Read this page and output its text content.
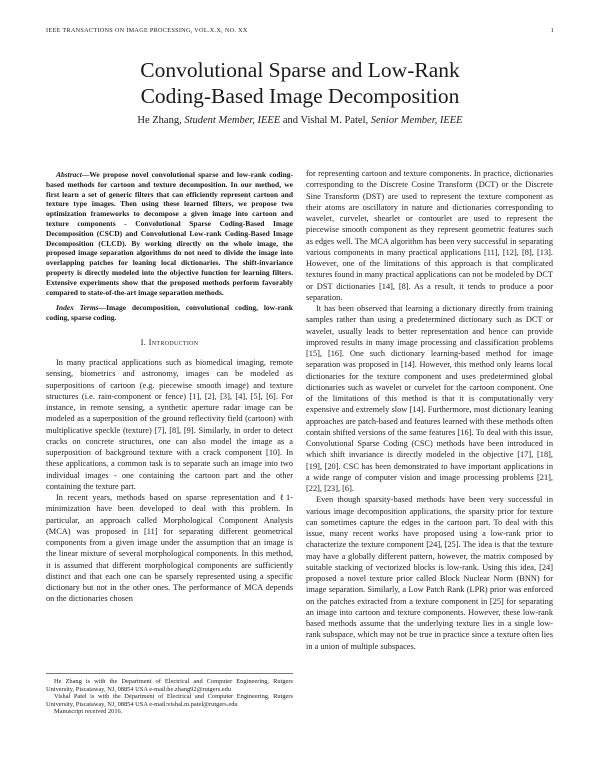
IEEE TRANSACTIONS ON IMAGE PROCESSING, VOL.X.X, NO. XX	1
Convolutional Sparse and Low-Rank
Coding-Based Image Decomposition
He Zhang, Student Member, IEEE and Vishal M. Patel, Senior Member, IEEE

Abstract—We propose novel convolutional sparse and low-rank coding-based methods for cartoon and texture decomposition. In our method, we first learn a set of generic filters that can efficiently represent cartoon and texture type images. Then using these learned filters, we propose two optimization frameworks to decompose a given image into cartoon and texture components - Convolutional Sparse Coding-Based Image Decomposition (CSCD) and Convolutional Low-rank Coding-Based Image Decomposition (CLCD). By working directly on the whole image, the proposed image separation algorithms do not need to divide the image into overlapping patches for leaning local dictionaries. The shift-invariance property is directly modeled into the objective function for learning filters. Extensive experiments show that the proposed methods perform favorably compared to state-of-the-art image separation methods.

Index Terms—Image decomposition, convolutional coding, low-rank coding, sparse coding.

I. Introduction

In many practical applications such as biomedical imaging, remote sensing, biometrics and astronomy, images can be modeled as superpositions of cartoon (e.g. piecewise smooth image) and texture structures (i.e. rain-component or fence) [1], [2], [3], [4], [5], [6]. For instance, in remote sensing, a synthetic aperture radar image can be modeled as a superposition of the ground reflectivity field (cartoon) with multiplicative speckle (texture) [7], [8], [9]. Similarly, in order to detect cracks on concrete structures, one can also model the image as a superposition of background texture with a crack component [10]. In these applications, a common task is to separate such an image into two individual images - one containing the cartoon part and the other containing the texture part.

In recent years, methods based on sparse representation and ℓ1-minimization have been developed to deal with this problem. In particular, an approach called Morphological Component Analysis (MCA) was proposed in [11] for separating different geometrical components from a given image under the assumption that an image is the linear mixture of several morphological components. In this method, it is assumed that different morphological components are sufficiently distinct and that each one can be sparsely represented using a specific dictionary but not in the other ones. The performance of MCA depends on the dictionaries chosen

He Zhang is with the Department of Electrical and Computer Engineering, Rutgers University, Piscataway, NJ, 08854 USA e-mail:he.zhang92@rutgers.edu

Vishal Patel is with the Department of Electrical and Computer Engineering, Rutgers University, Piscataway, NJ, 08854 USA e-mail:vishal.m.patel@rutgers.edu

Manuscript received 2016.

for representing cartoon and texture components. In practice, dictionaries corresponding to the Discrete Cosine Transform (DCT) or the Discrete Sine Transform (DST) are used to represent the texture component as their atoms are oscillatory in nature and dictionaries corresponding to wavelet, curvelet, shearlet or contourlet are used to represent the piecewise smooth component as they represent geometric features such as edges well. The MCA algorithm has been very successful in separating various components in many practical applications [11], [12], [8], [13]. However, one of the limitations of this approach is that complicated textures found in many practical applications can not be modeled by DCT or DST dictionaries [14], [8]. As a result, it tends to produce a poor separation.

It has been observed that learning a dictionary directly from training samples rather than using a predetermined dictionary such as DCT or wavelet, usually leads to better representation and hence can provide improved results in many image processing and classification problems [15], [16]. One such dictionary learning-based method for image separation was proposed in [14]. However, this method only learns local dictionaries for the texture component and uses predetermined global dictionaries such as wavelet or curvelet for the cartoon component. One of the limitations of this method is that it is computationally very expensive and extremely slow [14]. Furthermore, most dictionary leaning approaches are patch-based and features learned with these methods often contain shifted versions of the same features [16]. To deal with this issue, Convolutional Sparse Coding (CSC) methods have been introduced in which shift invariance is directly modeled in the objective [17], [18], [19], [20]. CSC has been demonstrated to have important applications in a wide range of computer vision and image processing problems [21], [22], [23], [6].

Even though sparsity-based methods have been very successful in various image decomposition applications, the sparsity prior for texture can sometimes capture the edges in the cartoon part. To deal with this issue, many recent works have proposed using a low-rank prior to characterize the texture component [24], [25]. The idea is that the texture may have a globally different pattern, however, the matrix composed by suitable stacking of vectorized blocks is low-rank. Using this idea, [24] proposed a novel texture prior called Block Nuclear Norm (BNN) for image separation. Similarly, a Low Patch Rank (LPR) prior was enforced on the patches extracted from a texture component in [25] for separating an image into cartoon and texture components. However, these low-rank based methods assume that the underlying texture lies in a single low-rank subspace, which may not be true in practice since a texture often lies in a union of multiple subspaces.
